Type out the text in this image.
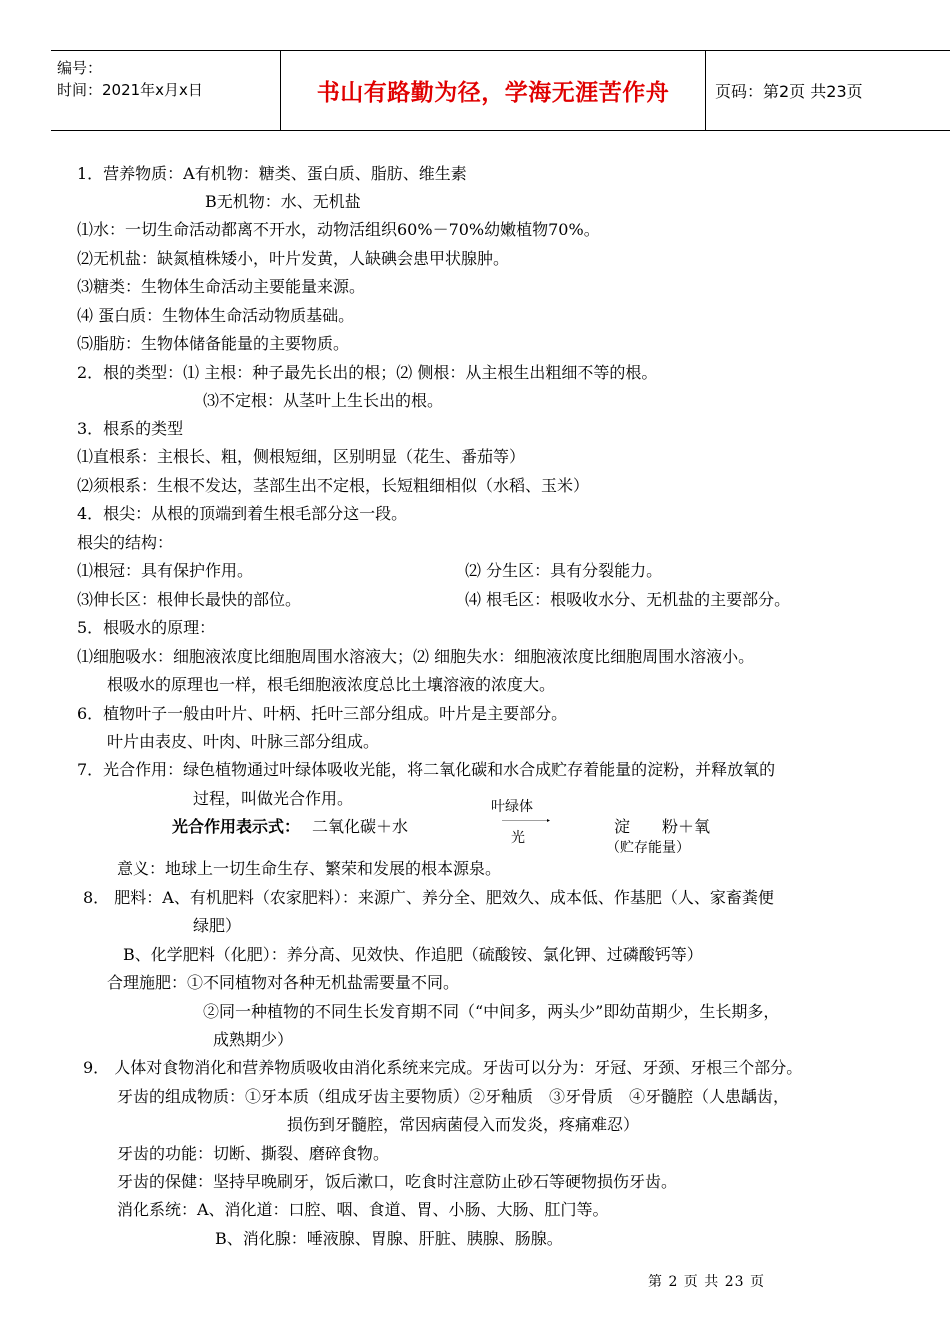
编号：
时间：2021年x月x日	书山有路勤为径，学海无涯苦作舟	页码：第2页 共23页
1．营养物质：A有机物：糖类、蛋白质、脂肪、维生素
B无机物：水、无机盐
⑴水：一切生命活动都离不开水，动物活组织60%－70%幼嫩植物70%。
⑵无机盐：缺氮植株矮小，叶片发黄，人缺碘会患甲状腺肿。
⑶糖类：生物体生命活动主要能量来源。
⑷ 蛋白质：生物体生命活动物质基础。
⑸脂肪：生物体储备能量的主要物质。
2．根的类型：⑴ 主根：种子最先长出的根；⑵ 侧根：从主根生出粗细不等的根。
⑶不定根：从茎叶上生长出的根。
3．根系的类型
⑴直根系：主根长、粗，侧根短细，区别明显（花生、番茄等）
⑵须根系：生根不发达，茎部生出不定根，长短粗细相似（水稻、玉米）
4．根尖：从根的顶端到着生根毛部分这一段。
根尖的结构：
⑴根冠：具有保护作用。	⑵ 分生区：具有分裂能力。
⑶伸长区：根伸长最快的部位。	⑷ 根毛区：根吸收水分、无机盐的主要部分。
5．根吸水的原理：
⑴细胞吸水：细胞液浓度比细胞周围水溶液大；⑵ 细胞失水：细胞液浓度比细胞周围水溶液小。
根吸水的原理也一样，根毛细胞液浓度总比土壤溶液的浓度大。
6．植物叶子一般由叶片、叶柄、托叶三部分组成。叶片是主要部分。
叶片由表皮、叶肉、叶脉三部分组成。
7．光合作用：绿色植物通过叶绿体吸收光能，将二氧化碳和水合成贮存着能量的淀粉，并释放氧的
过程，叫做光合作用。
光合作用表示式： 二氧化碳＋水
叶绿体
光
淀　　粉＋氧
（贮存能量）
意义：地球上一切生命生存、繁荣和发展的根本源泉。
8． 肥料：A、有机肥料（农家肥料）：来源广、养分全、肥效久、成本低、作基肥（人、家畜粪便
绿肥）
B、化学肥料（化肥）：养分高、见效快、作追肥（硫酸铵、氯化钾、过磷酸钙等）
合理施肥：①不同植物对各种无机盐需要量不同。
②同一种植物的不同生长发育期不同（“中间多，两头少”即幼苗期少，生长期多，
成熟期少）
9． 人体对食物消化和营养物质吸收由消化系统来完成。牙齿可以分为：牙冠、牙颈、牙根三个部分。
牙齿的组成物质：①牙本质（组成牙齿主要物质）②牙釉质　③牙骨质　④牙髓腔（人患龋齿，
损伤到牙髓腔，常因病菌侵入而发炎，疼痛难忍）
牙齿的功能：切断、撕裂、磨碎食物。
牙齿的保健：坚持早晚刷牙，饭后漱口，吃食时注意防止砂石等硬物损伤牙齿。
消化系统：A、消化道：口腔、咽、食道、胃、小肠、大肠、肛门等。
B、消化腺：唾液腺、胃腺、肝脏、胰腺、肠腺。
第 2 页 共 23 页
